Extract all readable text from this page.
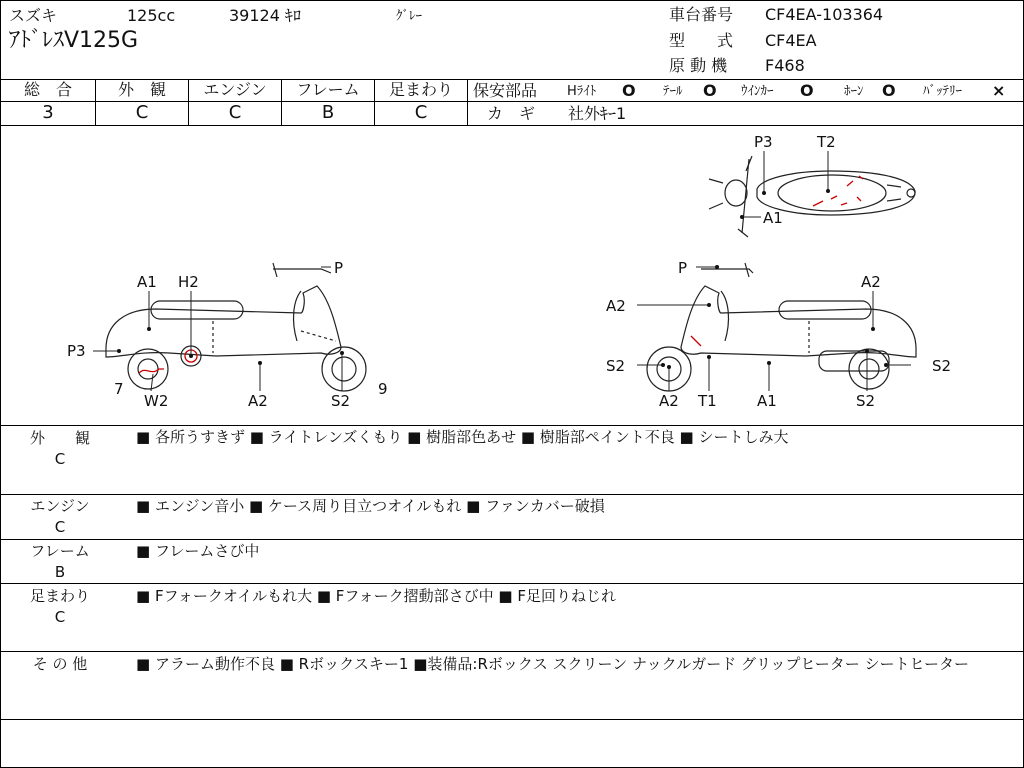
スズキ	125cc	39124 ｷﾛ	ｸﾞﾚｰ
ｱﾄﾞﾚｽV125G
車台番号 CF4EA-103364
型　　式 CF4EA
原 動 機 F468
総　合	外　観	エンジン	フレーム	足まわり
3	C	C	B	C
保安部品 Hﾗｲﾄ O ﾃｰﾙ O ｳｲﾝｶｰ O ﾎｰﾝ O ﾊﾞｯﾃﾘｰ ×
カ　ギ 社外ｷｰ1
P3	T2
A1
A1 H2
P
P3
7
W2	A2	S2
9
P
A2
A2
S2	S2
A2 T1	A1	S2
外　　観
C
■ 各所うすきず ■ ライトレンズくもり ■ 樹脂部色あせ ■ 樹脂部ペイント不良 ■ シートしみ大
エンジン
C
■ エンジン音小 ■ ケース周り目立つオイルもれ ■ ファンカバー破損
フレーム
B
■ フレームさび中
足まわり
C
■ Fフォークオイルもれ大 ■ Fフォーク摺動部さび中 ■ F足回りねじれ
そ の 他	■ アラーム動作不良 ■ Rボックスキー1 ■装備品:Rボックス スクリーン ナックルガード グリップヒーター シートヒーター
